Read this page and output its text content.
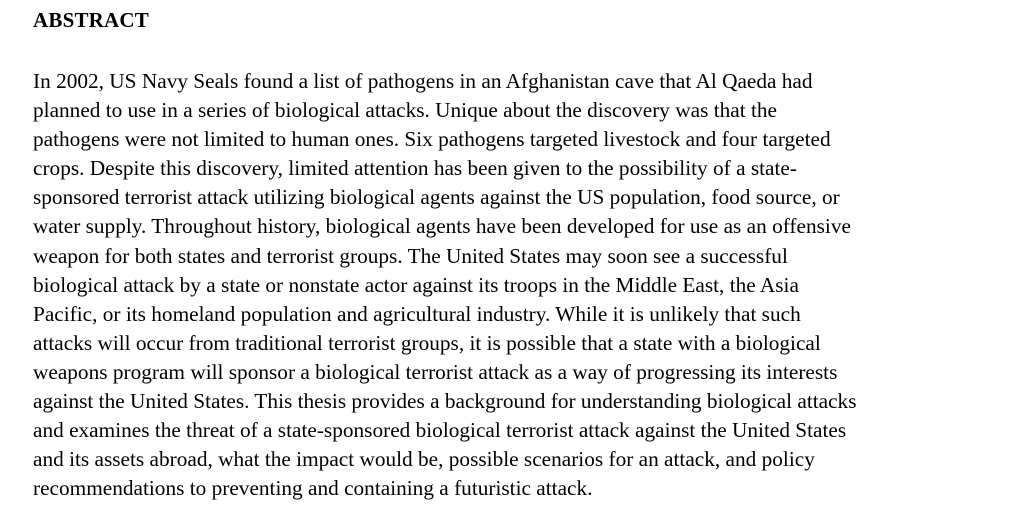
ABSTRACT

In 2002, US Navy Seals found a list of pathogens in an Afghanistan cave that Al Qaeda had
planned to use in a series of biological attacks. Unique about the discovery was that the
pathogens were not limited to human ones. Six pathogens targeted livestock and four targeted
crops. Despite this discovery, limited attention has been given to the possibility of a state-
sponsored terrorist attack utilizing biological agents against the US population, food source, or
water supply. Throughout history, biological agents have been developed for use as an offensive
weapon for both states and terrorist groups. The United States may soon see a successful
biological attack by a state or nonstate actor against its troops in the Middle East, the Asia
Pacific, or its homeland population and agricultural industry. While it is unlikely that such
attacks will occur from traditional terrorist groups, it is possible that a state with a biological
weapons program will sponsor a biological terrorist attack as a way of progressing its interests
against the United States. This thesis provides a background for understanding biological attacks
and examines the threat of a state-sponsored biological terrorist attack against the United States
and its assets abroad, what the impact would be, possible scenarios for an attack, and policy
recommendations to preventing and containing a futuristic attack.
